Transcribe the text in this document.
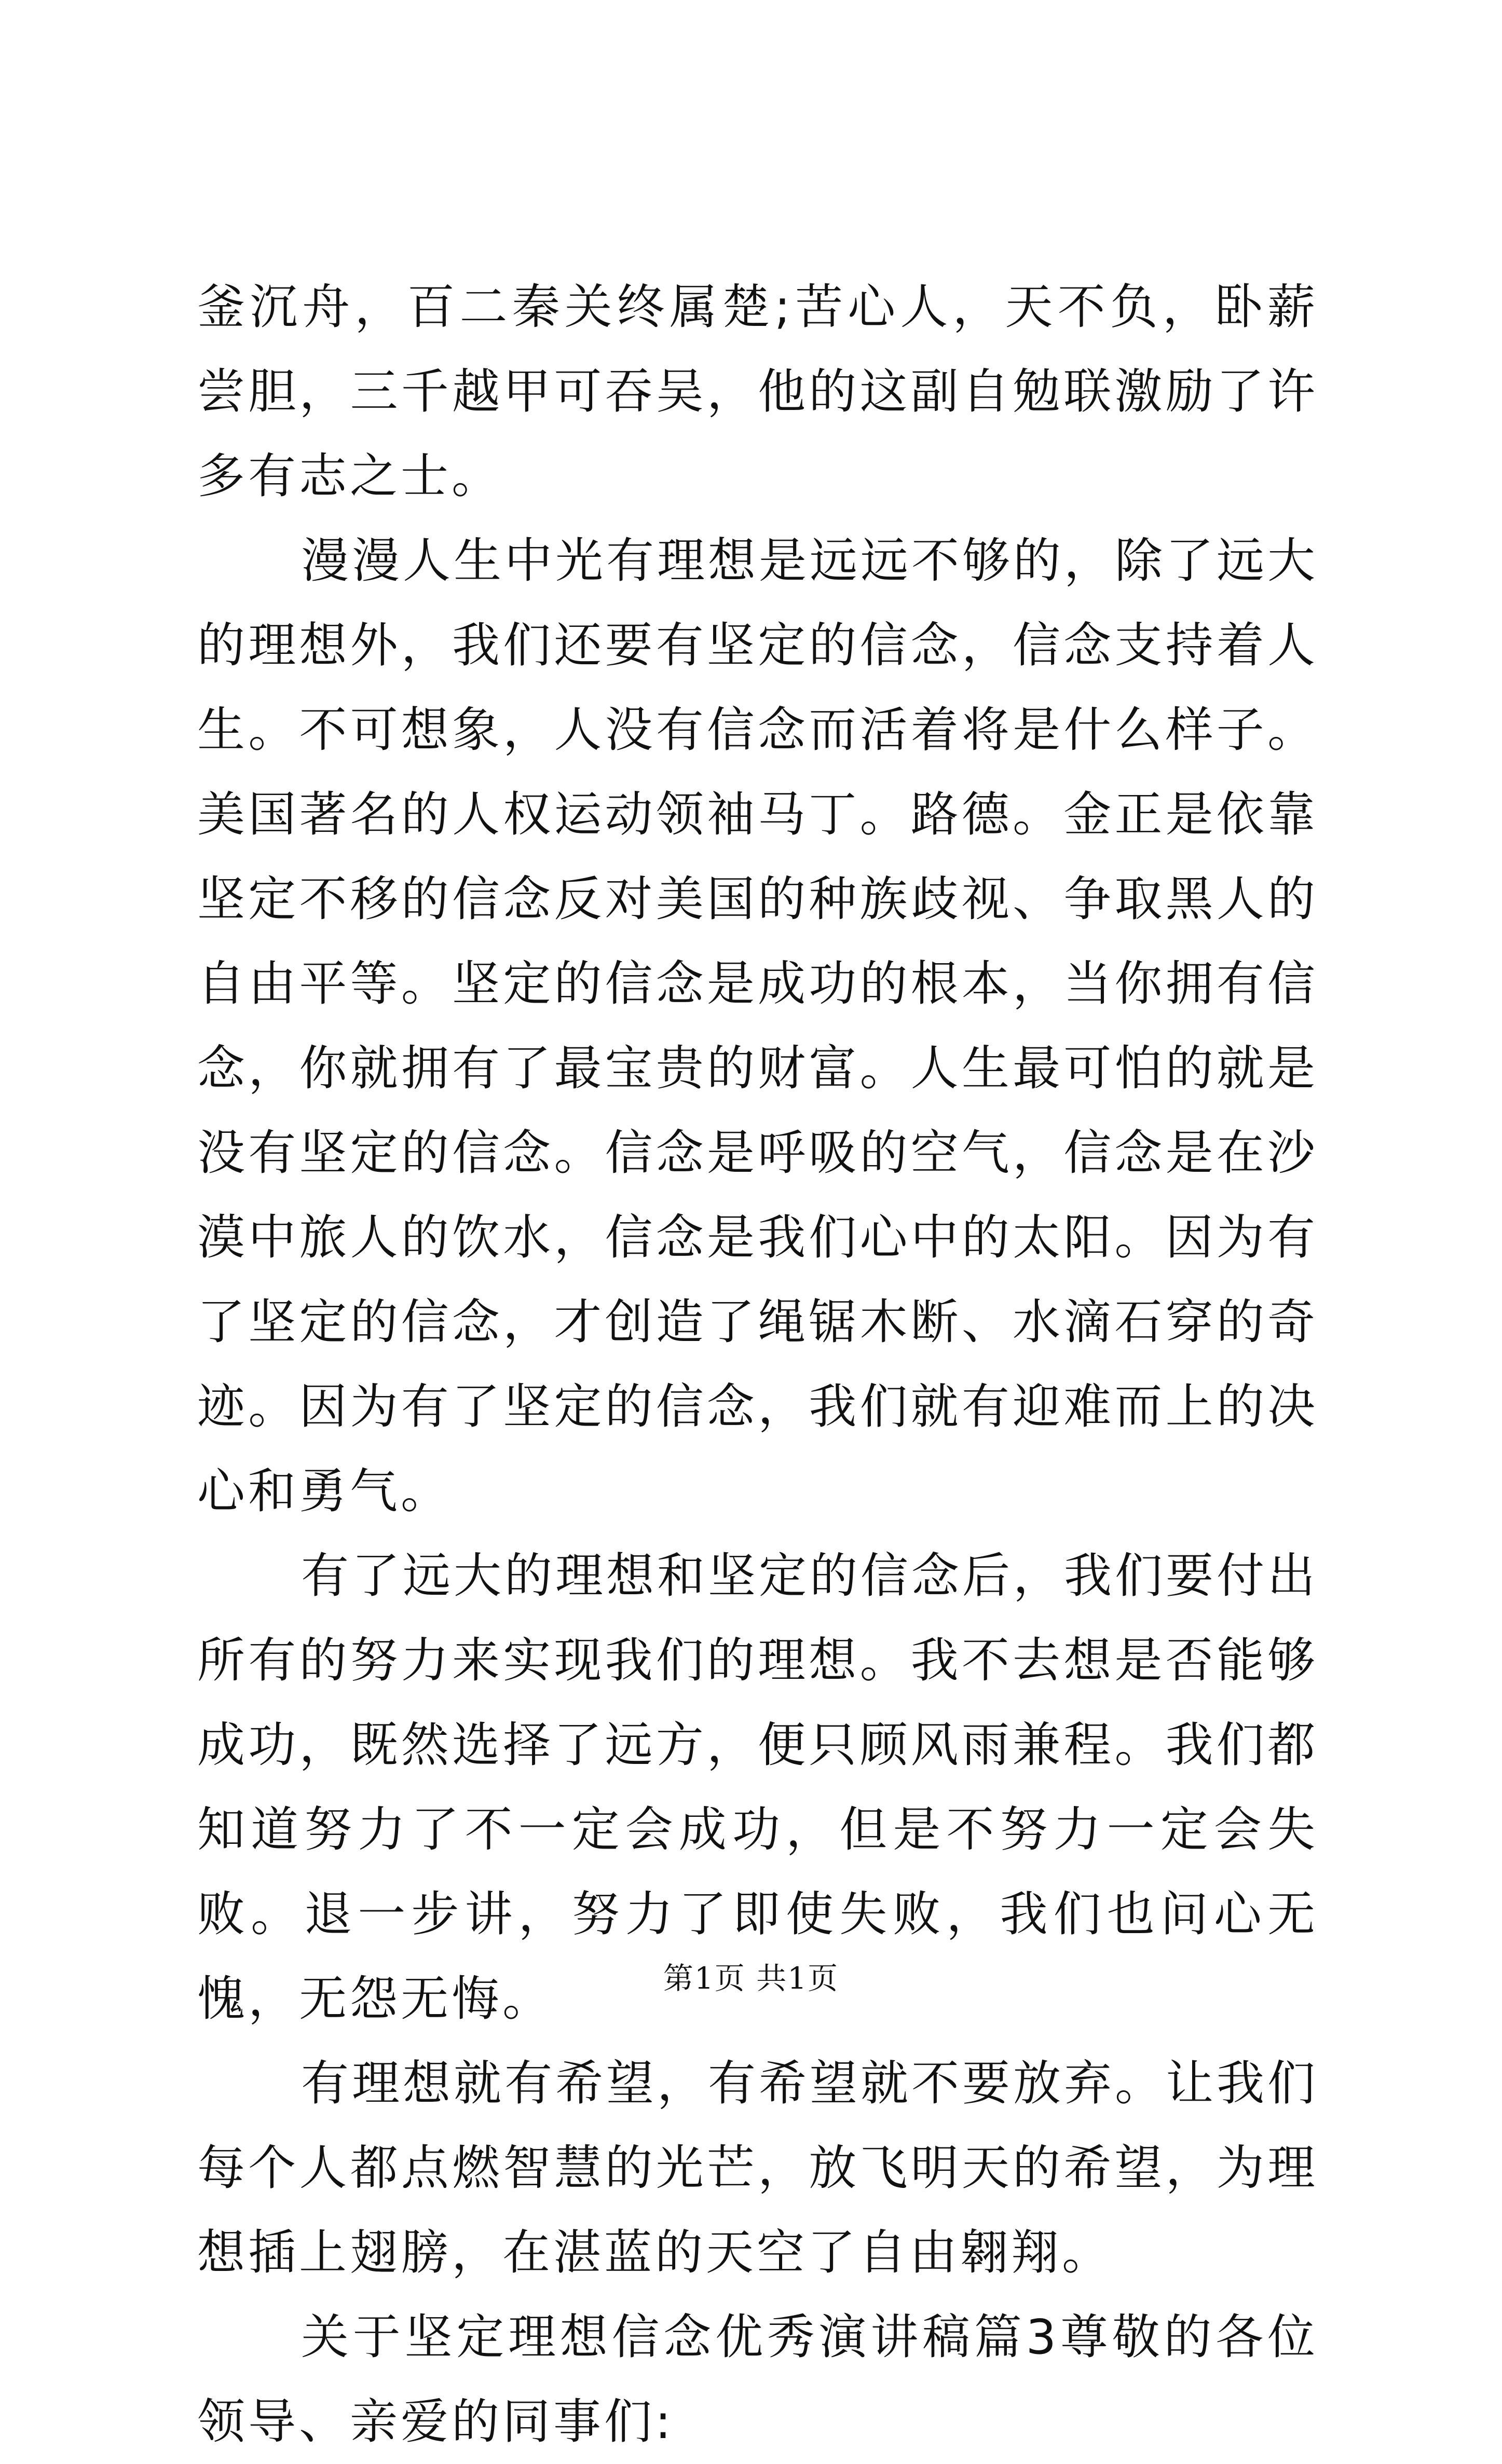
釜沉舟，百二秦关终属楚;苦心人，天不负，卧薪尝胆，三千越甲可吞吴，他的这副自勉联激励了许多有志之士。

漫漫人生中光有理想是远远不够的，除了远大的理想外，我们还要有坚定的信念，信念支持着人生。不可想象，人没有信念而活着将是什么样子。美国著名的人权运动领袖马丁。路德。金正是依靠坚定不移的信念反对美国的种族歧视、争取黑人的自由平等。坚定的信念是成功的根本，当你拥有信念，你就拥有了最宝贵的财富。人生最可怕的就是没有坚定的信念。信念是呼吸的空气，信念是在沙漠中旅人的饮水，信念是我们心中的太阳。因为有了坚定的信念，才创造了绳锯木断、水滴石穿的奇迹。因为有了坚定的信念，我们就有迎难而上的决心和勇气。

有了远大的理想和坚定的信念后，我们要付出所有的努力来实现我们的理想。我不去想是否能够成功，既然选择了远方，便只顾风雨兼程。我们都知道努力了不一定会成功，但是不努力一定会失败。退一步讲，努力了即使失败，我们也问心无愧，无怨无悔。

有理想就有希望，有希望就不要放弃。让我们每个人都点燃智慧的光芒，放飞明天的希望，为理想插上翅膀，在湛蓝的天空了自由翱翔。

关于坚定理想信念优秀演讲稿篇3尊敬的各位领导、亲爱的同事们:

第1页 共1页
